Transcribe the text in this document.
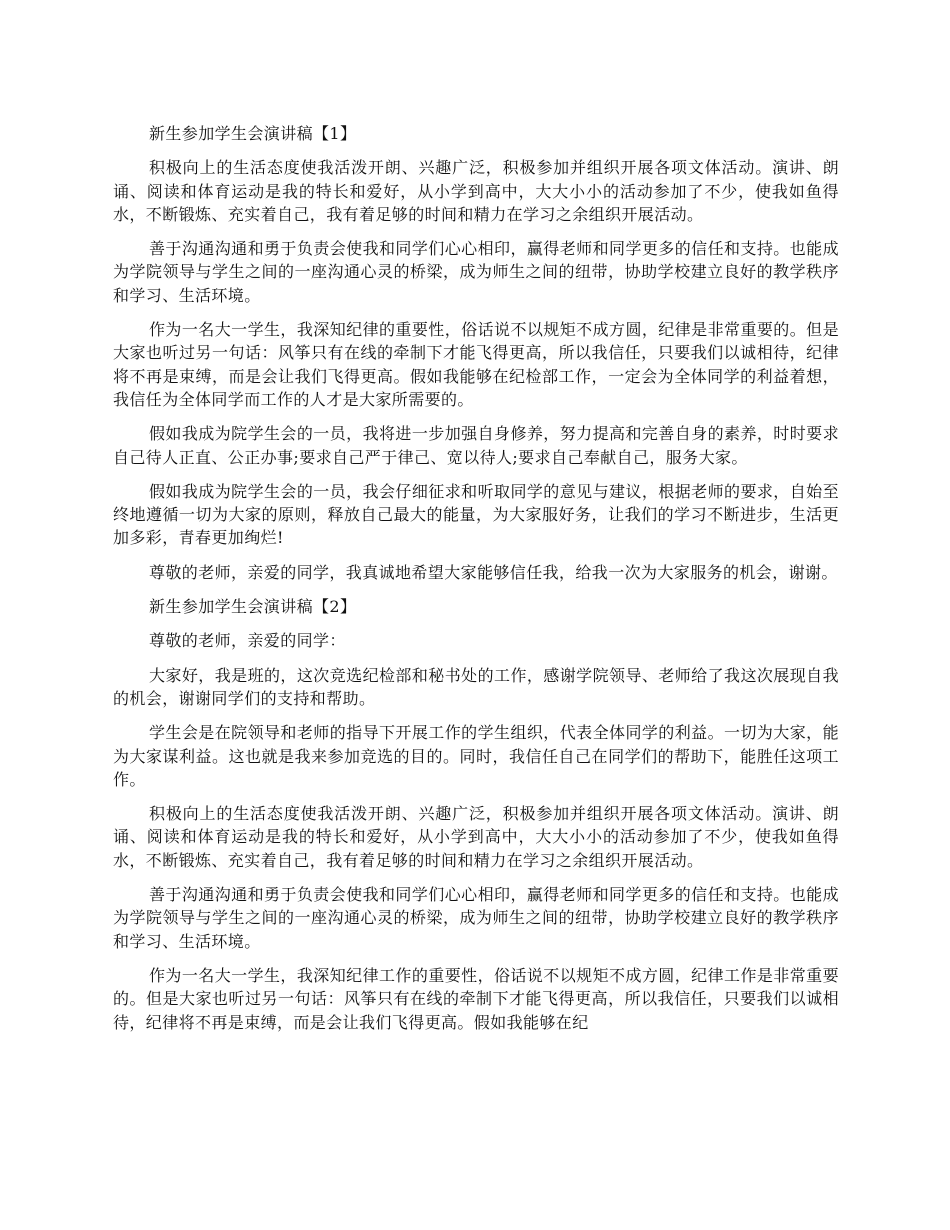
新生参加学生会演讲稿【1】

积极向上的生活态度使我活泼开朗、兴趣广泛，积极参加并组织开展各项文体活动。演讲、朗诵、阅读和体育运动是我的特长和爱好，从小学到高中，大大小小的活动参加了不少，使我如鱼得水，不断锻炼、充实着自己，我有着足够的时间和精力在学习之余组织开展活动。

善于沟通沟通和勇于负责会使我和同学们心心相印，赢得老师和同学更多的信任和支持。也能成为学院领导与学生之间的一座沟通心灵的桥梁，成为师生之间的纽带，协助学校建立良好的教学秩序和学习、生活环境。

作为一名大一学生，我深知纪律的重要性，俗话说不以规矩不成方圆，纪律是非常重要的。但是大家也听过另一句话：风筝只有在线的牵制下才能飞得更高，所以我信任，只要我们以诚相待，纪律将不再是束缚，而是会让我们飞得更高。假如我能够在纪检部工作，一定会为全体同学的利益着想，我信任为全体同学而工作的人才是大家所需要的。

假如我成为院学生会的一员，我将进一步加强自身修养，努力提高和完善自身的素养，时时要求自己待人正直、公正办事;要求自己严于律己、宽以待人;要求自己奉献自己，服务大家。

假如我成为院学生会的一员，我会仔细征求和听取同学的意见与建议，根据老师的要求，自始至终地遵循一切为大家的原则，释放自己最大的能量，为大家服好务，让我们的学习不断进步，生活更加多彩，青春更加绚烂!

尊敬的老师，亲爱的同学，我真诚地希望大家能够信任我，给我一次为大家服务的机会，谢谢。

新生参加学生会演讲稿【2】

尊敬的老师，亲爱的同学：

大家好，我是班的，这次竞选纪检部和秘书处的工作，感谢学院领导、老师给了我这次展现自我的机会，谢谢同学们的支持和帮助。

学生会是在院领导和老师的指导下开展工作的学生组织，代表全体同学的利益。一切为大家，能为大家谋利益。这也就是我来参加竞选的目的。同时，我信任自己在同学们的帮助下，能胜任这项工作。

积极向上的生活态度使我活泼开朗、兴趣广泛，积极参加并组织开展各项文体活动。演讲、朗诵、阅读和体育运动是我的特长和爱好，从小学到高中，大大小小的活动参加了不少，使我如鱼得水，不断锻炼、充实着自己，我有着足够的时间和精力在学习之余组织开展活动。

善于沟通沟通和勇于负责会使我和同学们心心相印，赢得老师和同学更多的信任和支持。也能成为学院领导与学生之间的一座沟通心灵的桥梁，成为师生之间的纽带，协助学校建立良好的教学秩序和学习、生活环境。

作为一名大一学生，我深知纪律工作的重要性，俗话说不以规矩不成方圆，纪律工作是非常重要的。但是大家也听过另一句话：风筝只有在线的牵制下才能飞得更高，所以我信任，只要我们以诚相待，纪律将不再是束缚，而是会让我们飞得更高。假如我能够在纪
